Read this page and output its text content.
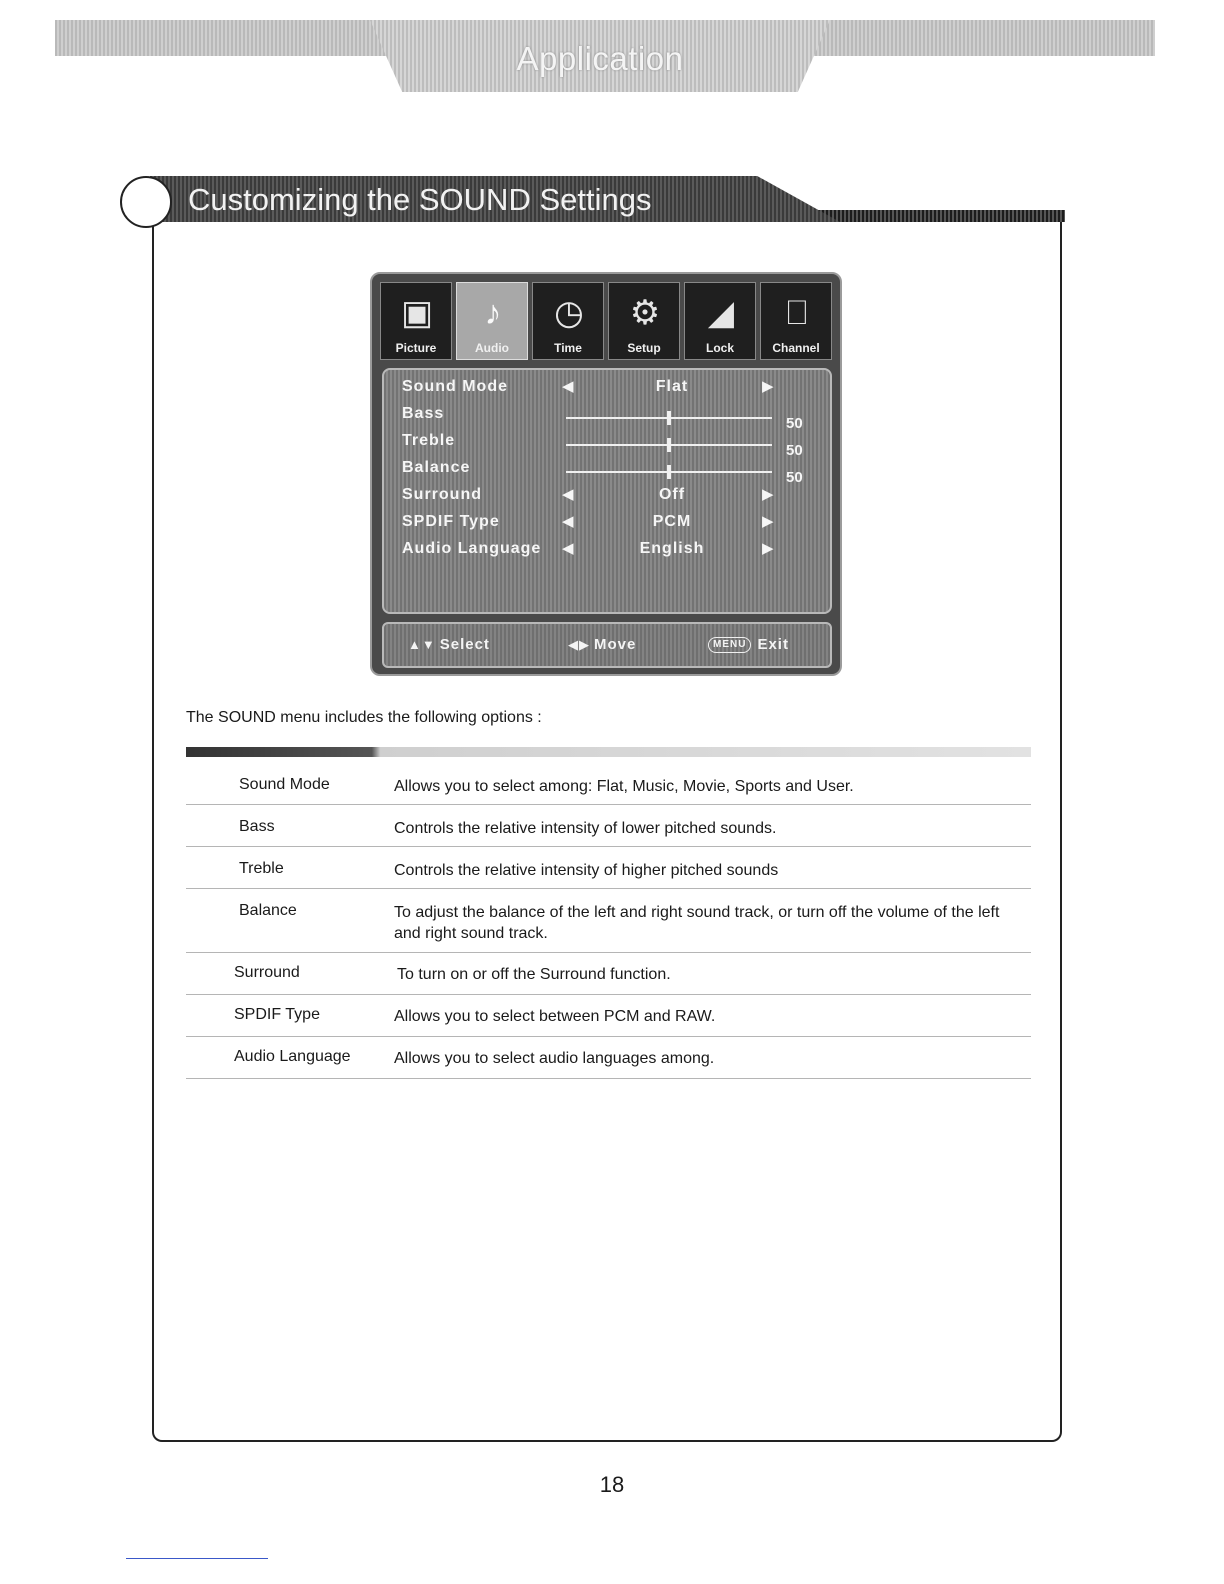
Application
Customizing the SOUND Settings
▣
Picture
♪
Audio
◷
Time
⚙
Setup
◢
Lock
⎕
Channel
Sound Mode	◀	Flat	▶
Bass
50
Treble
50
Balance
50
Surround	◀	Off	▶
SPDIF Type	◀	PCM	▶
Audio Language ◀	English	▶
▲▼ Select	◀▶ Move	MENU Exit
The SOUND menu includes the following options :
Sound Mode	Allows you to select among: Flat, Music, Movie, Sports and User.
Bass	Controls the relative intensity of lower pitched sounds.
Treble	Controls the relative intensity of higher pitched sounds
Balance	To adjust the balance of the left and right sound track, or turn off the volume of the left and right sound track.
Surround	To turn on or off the Surround function.
SPDIF Type	Allows you to select between PCM and RAW.
Audio Language	Allows you to select audio languages among.
18
